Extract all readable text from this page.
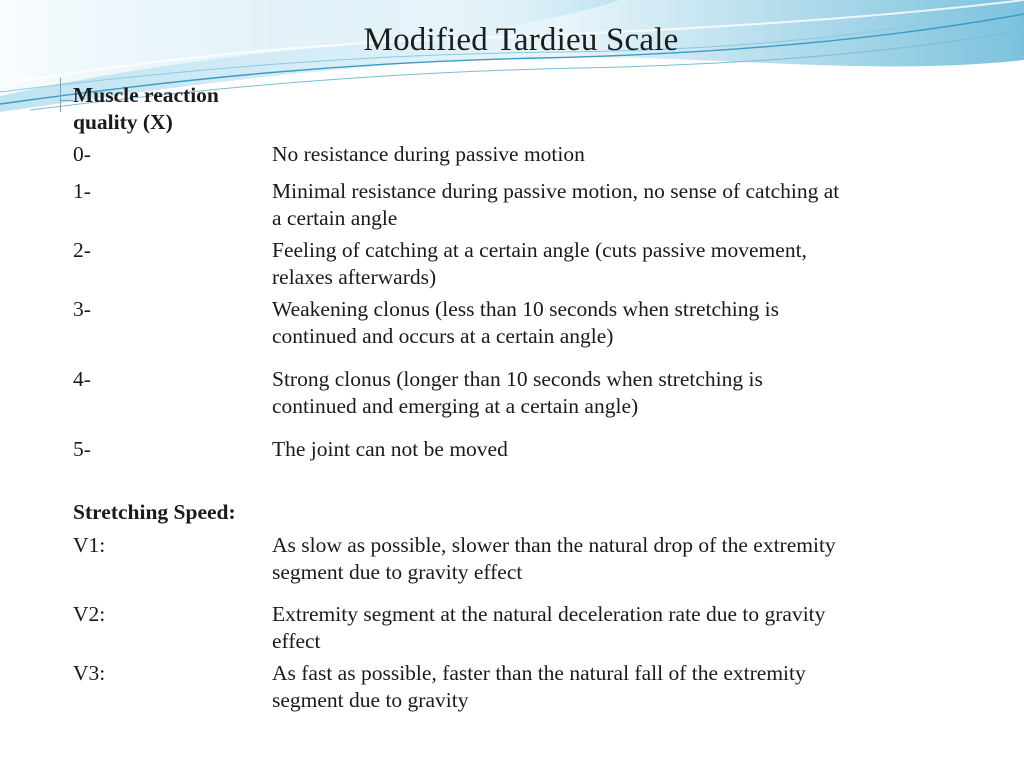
Modified Tardieu Scale
Muscle reaction
quality (X)
0-	No resistance during passive motion
1-	Minimal resistance during passive motion, no sense of catching at a certain angle
2-	Feeling of catching at a certain angle (cuts passive movement, relaxes afterwards)
3-	Weakening clonus (less than 10 seconds when stretching is continued and occurs at a certain angle)
4-	Strong clonus (longer than 10 seconds when stretching is continued and emerging at a certain angle)
5-	The joint can not be moved
Stretching Speed:
V1:	As slow as possible, slower than the natural drop of the extremity segment due to gravity effect
V2:	Extremity segment at the natural deceleration rate due to gravity effect
V3:	As fast as possible, faster than the natural fall of the extremity segment due to gravity
